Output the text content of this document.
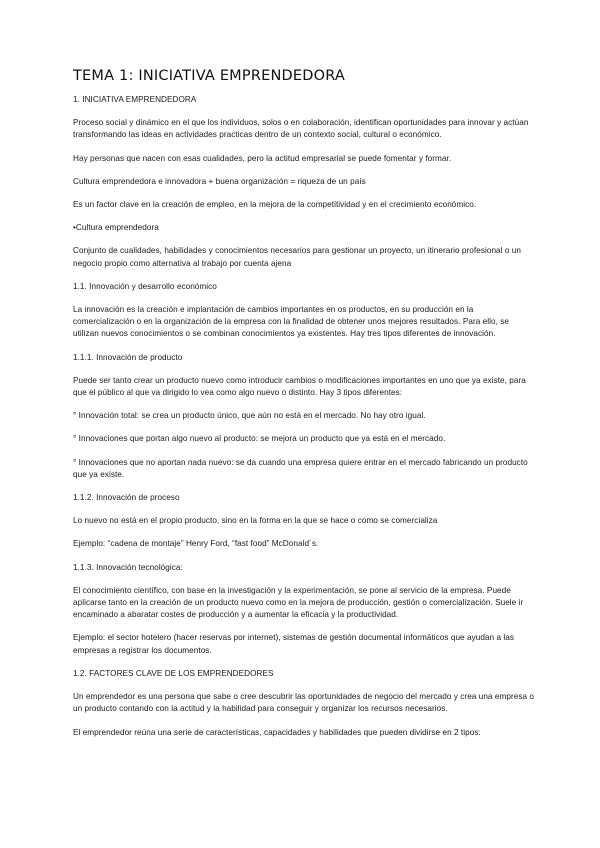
TEMA 1: INICIATIVA EMPRENDEDORA

1. INICIATIVA EMPRENDEDORA

Proceso social y dinámico en el que los individuos, solos o en colaboración, identifican oportunidades para innovar y actúan transformando las ideas en actividades practicas dentro de un contexto social, cultural o económico.

Hay personas que nacen con esas cualidades, pero la actitud empresarial se puede fomentar y formar.

Cultura emprendedora e innovadora + buena organización = riqueza de un país

Es un factor clave en la creación de empleo, en la mejora de la competitividad y en el crecimiento económico.

•Cultura emprendedora

Conjunto de cualidades, habilidades y conocimientos necesarios para gestionar un proyecto, un itinerario profesional o un negocio propio como alternativa al trabajo por cuenta ajena

1.1. Innovación y desarrollo económico

La innovación es la creación e implantación de cambios importantes en os productos, en su producción en la comercialización o en la organización de la empresa con la finalidad de obtener unos mejores resultados. Para ello, se utilizan nuevos conocimientos o se combinan conocimientos ya existentes. Hay tres tipos diferentes de innovación.

1.1.1. Innovación de producto

Puede ser tanto crear un producto nuevo como introducir cambios o modificaciones importantes en uno que ya existe, para que el público al que va dirigido lo vea como algo nuevo o distinto. Hay 3 tipos diferentes:

° Innovación total: se crea un producto único, que aún no está en el mercado. No hay otro igual.

° Innovaciones que portan algo nuevo al producto: se mejora un producto que ya está en el mercado.

° Innovaciones que no aportan nada nuevo: se da cuando una empresa quiere entrar en el mercado fabricando un producto que ya existe.

1.1.2. Innovación de proceso

Lo nuevo no está en el propio producto, sino en la forma en la que se hace o como se comercializa

Ejemplo: “cadena de montaje” Henry Ford, “fast food” McDonald´s.

1.1.3. Innovación tecnológica:

El conocimiento científico, con base en la investigación y la experimentación, se pone al servicio de la empresa. Puede aplicarse tanto en la creación de un producto nuevo como en la mejora de producción, gestión o comercialización. Suele ir encaminado a abaratar costes de producción y a aumentar la eficacia y la productividad.

Ejemplo: el sector hotelero (hacer reservas por internet), sistemas de gestión documental informáticos que ayudan a las empresas a registrar los documentos.

1.2. FACTORES CLAVE DE LOS EMPRENDEDORES

Un emprendedor es una persona que sabe o cree descubrir las oportunidades de negocio del mercado y crea una empresa o un producto contando con la actitud y la habilidad para conseguir y organizar los recursos necesarios.

El emprendedor reúna una serie de características, capacidades y habilidades que pueden dividirse en 2 tipos:
